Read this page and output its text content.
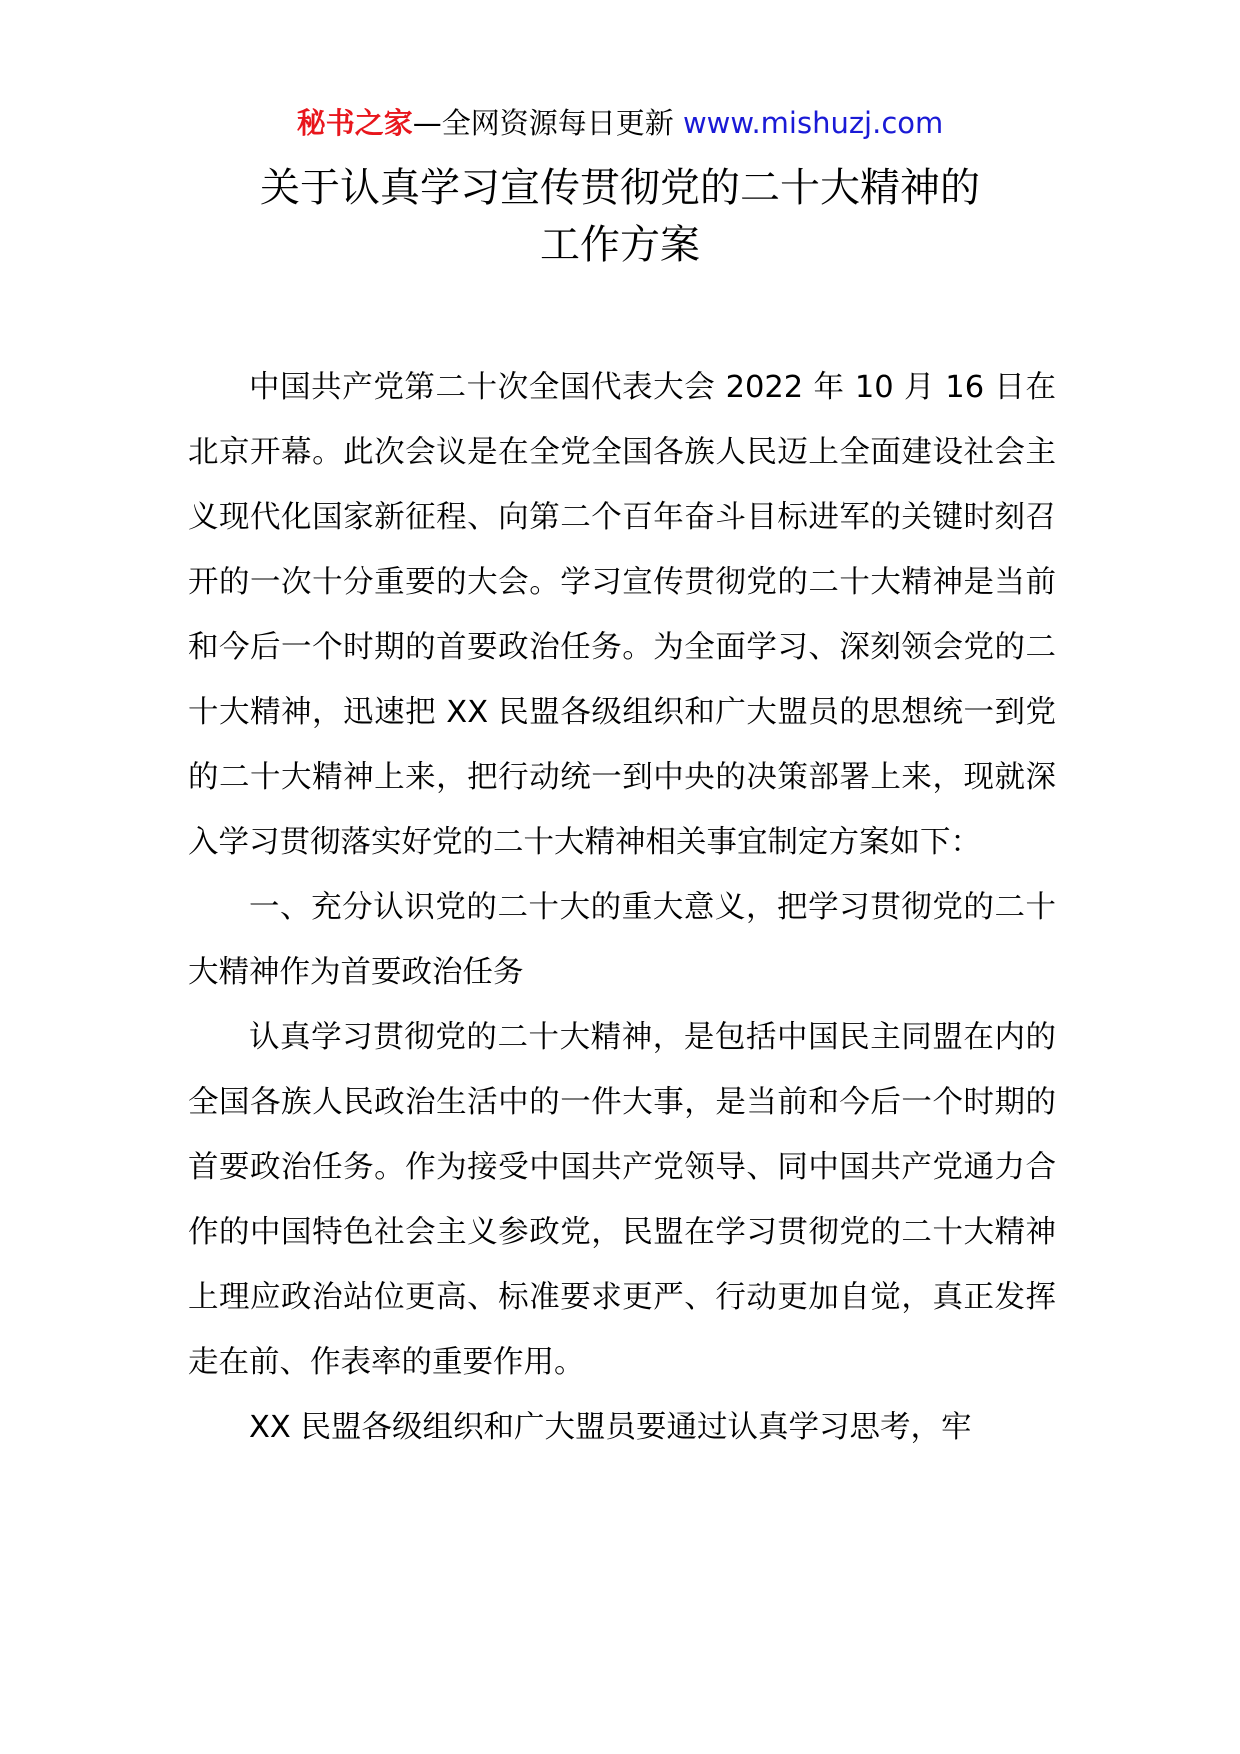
秘书之家—全网资源每日更新 www.mishuzj.com
关于认真学习宣传贯彻党的二十大精神的
工作方案

中国共产党第二十次全国代表大会 2022 年 10 月 16 日在北京开幕。此次会议是在全党全国各族人民迈上全面建设社会主义现代化国家新征程、向第二个百年奋斗目标进军的关键时刻召开的一次十分重要的大会。学习宣传贯彻党的二十大精神是当前和今后一个时期的首要政治任务。为全面学习、深刻领会党的二十大精神，迅速把 XX 民盟各级组织和广大盟员的思想统一到党的二十大精神上来，把行动统一到中央的决策部署上来，现就深入学习贯彻落实好党的二十大精神相关事宜制定方案如下：

一、充分认识党的二十大的重大意义，把学习贯彻党的二十大精神作为首要政治任务

认真学习贯彻党的二十大精神，是包括中国民主同盟在内的全国各族人民政治生活中的一件大事，是当前和今后一个时期的首要政治任务。作为接受中国共产党领导、同中国共产党通力合作的中国特色社会主义参政党，民盟在学习贯彻党的二十大精神上理应政治站位更高、标准要求更严、行动更加自觉，真正发挥走在前、作表率的重要作用。

XX 民盟各级组织和广大盟员要通过认真学习思考，牢
